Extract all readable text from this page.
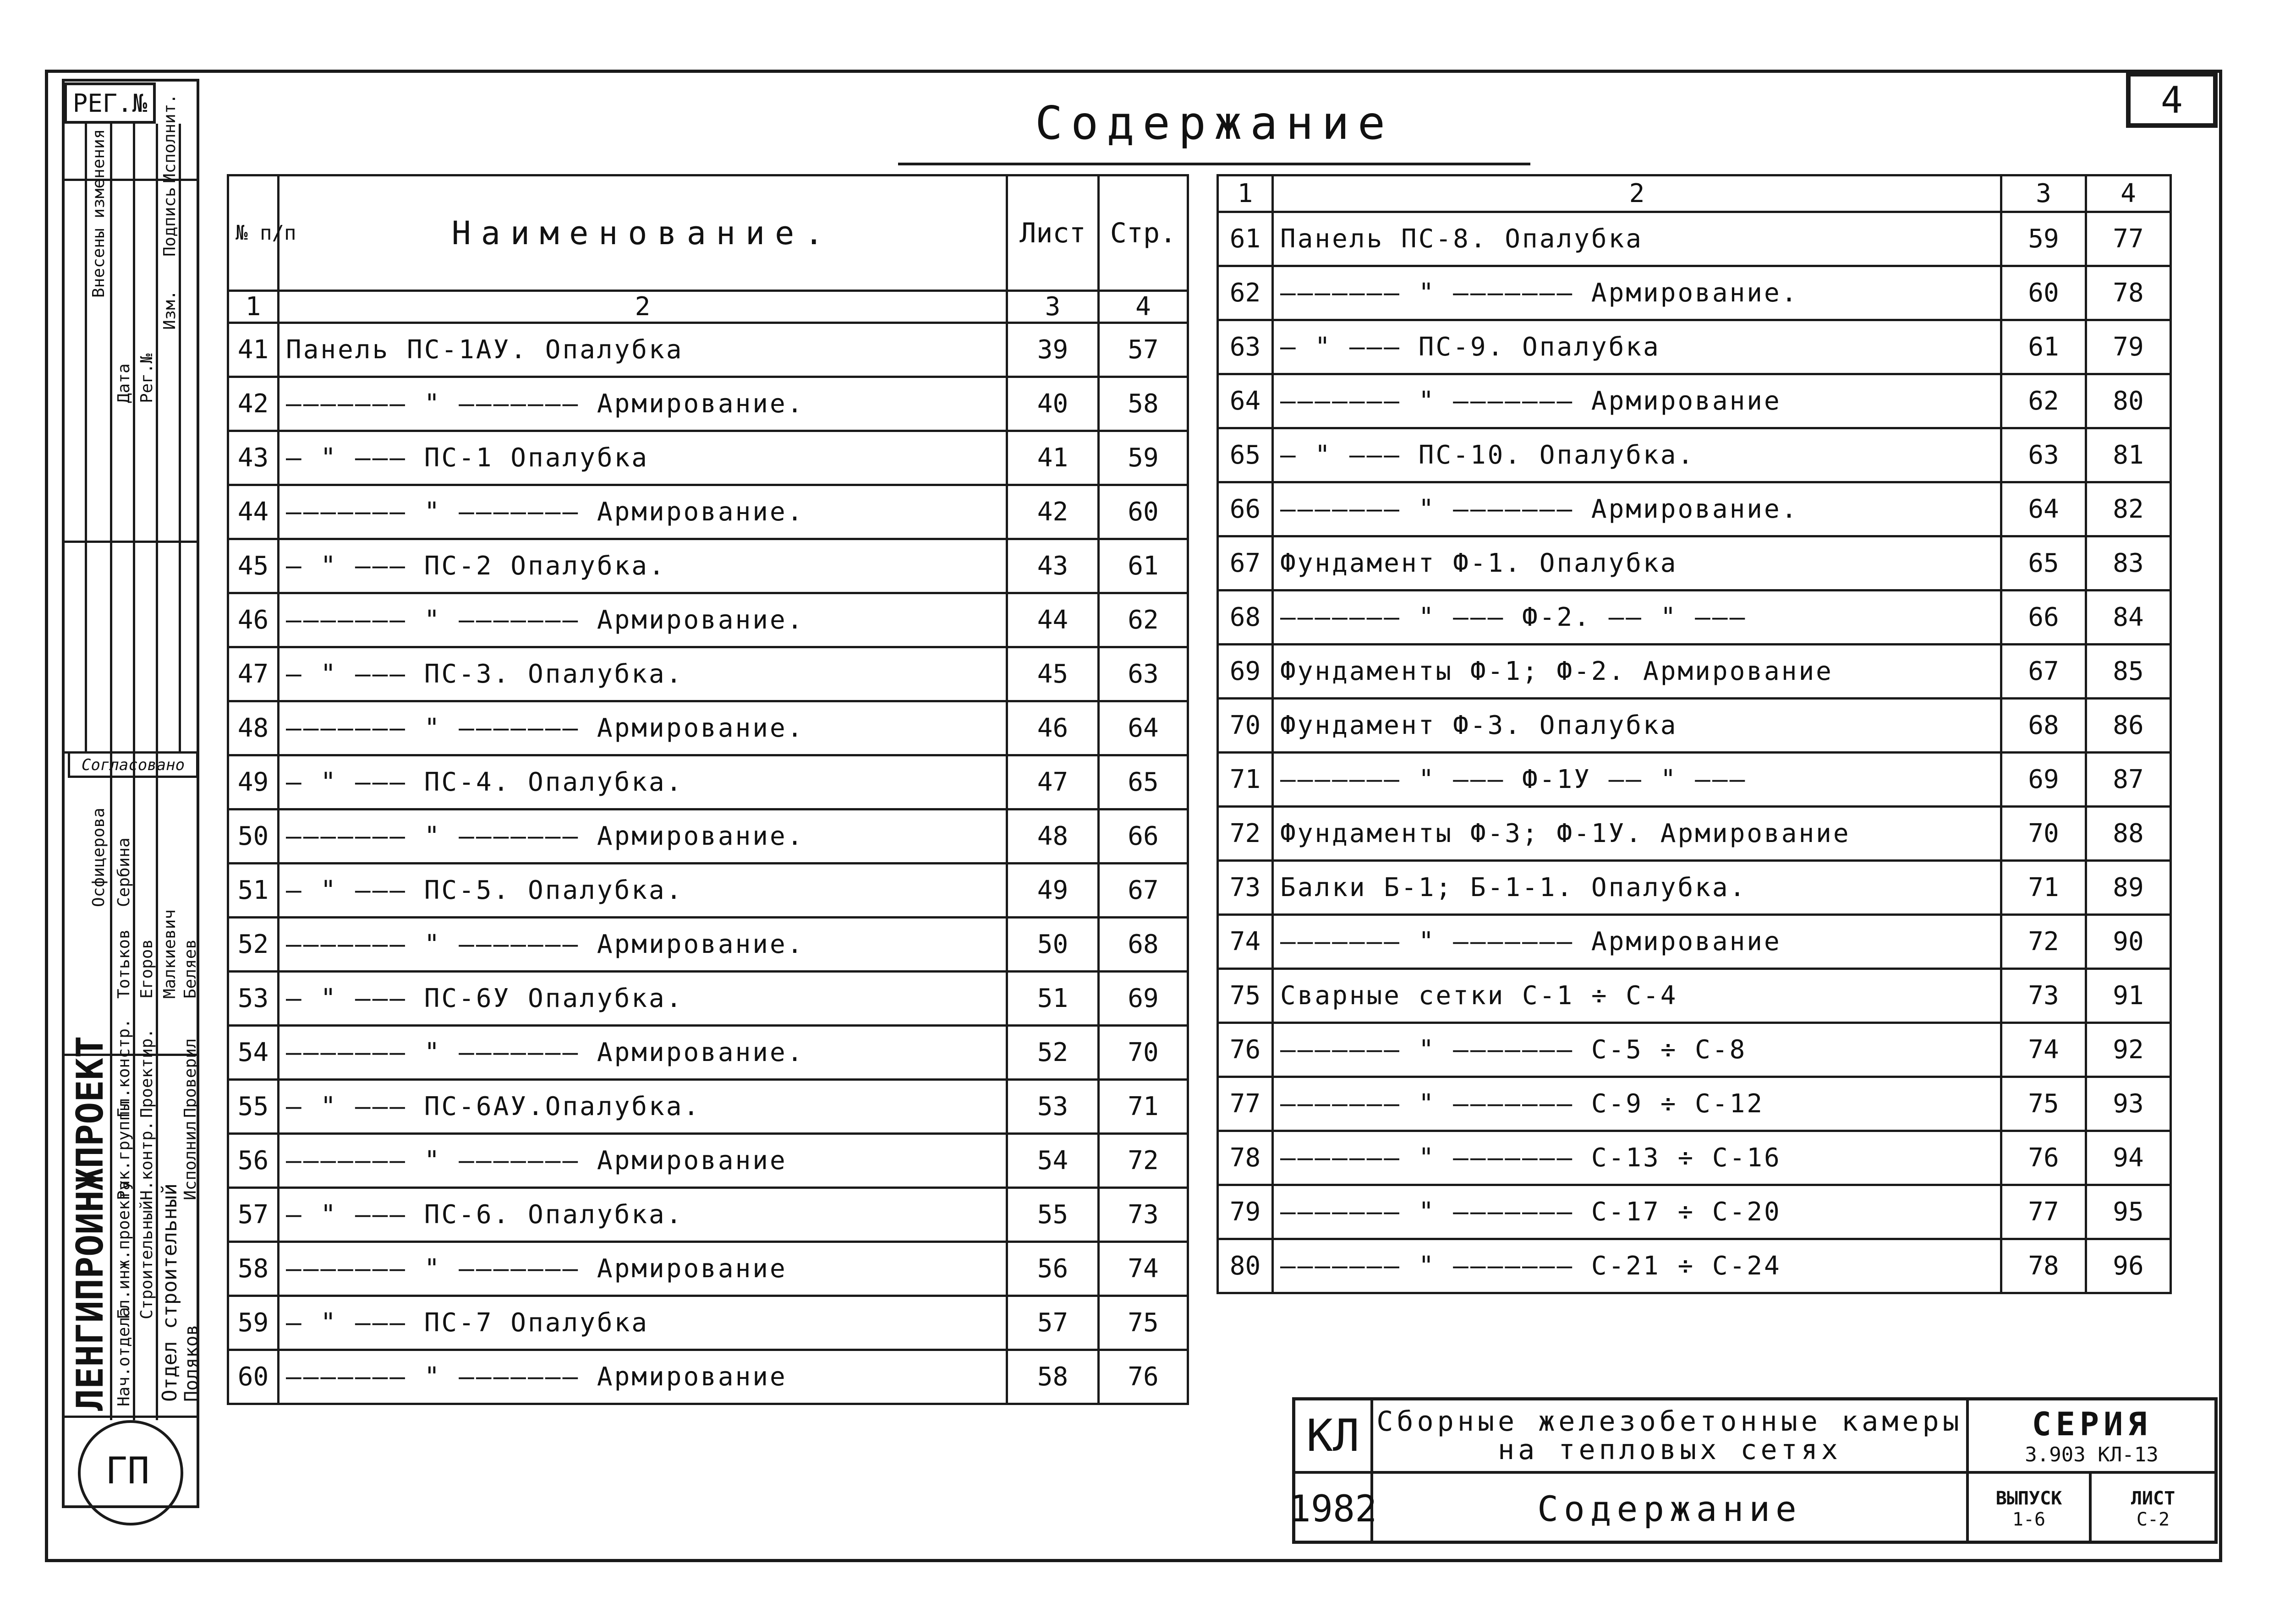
РЕГ.№
Внесены изменения
Дата Рег.№
Изм.
Подпись
Исполнит.
Согласовано
ЛЕНГИПРОИНЖПРОЕКТ Отдел строительный
Нач.отдела
Гл.инж.проекта
Рук.группы
Гл.констр.
Н.контр.
Проектир.
Исполнил
Проверил
Поляков
Строительный
Егоров
Тотьков Малкиевич Беляев
Сербина
Осфицерова
ГП
4
Содержание
№ п/п	Наименование.	Лист	Стр.
1	2	3	4
41	Панель ПС-1АУ. Опалубка	39	57
42	——————— " ——————— Армирование.	40	58
43	— " ——— ПС-1 Опалубка	41	59
44	——————— " ——————— Армирование.	42	60
45	— " ——— ПС-2 Опалубка.	43	61
46	——————— " ——————— Армирование.	44	62
47	— " ——— ПС-3. Опалубка.	45	63
48	——————— " ——————— Армирование.	46	64
49	— " ——— ПС-4. Опалубка.	47	65
50	——————— " ——————— Армирование.	48	66
51	— " ——— ПС-5. Опалубка.	49	67
52	——————— " ——————— Армирование.	50	68
53	— " ——— ПС-6У Опалубка.	51	69
54	——————— " ——————— Армирование.	52	70
55	— " ——— ПС-6АУ.Опалубка.	53	71
56	——————— " ——————— Армирование	54	72
57	— " ——— ПС-6. Опалубка.	55	73
58	——————— " ——————— Армирование	56	74
59	— " ——— ПС-7 Опалубка	57	75
60	——————— " ——————— Армирование	58	76
1	2	3	4
61	Панель ПС-8. Опалубка	59	77
62	——————— " ——————— Армирование.	60	78
63	— " ——— ПС-9. Опалубка	61	79
64	——————— " ——————— Армирование	62	80
65	— " ——— ПС-10. Опалубка.	63	81
66	——————— " ——————— Армирование.	64	82
67	Фундамент Ф-1. Опалубка	65	83
68	——————— " ——— Ф-2. —— " ———	66	84
69	Фундаменты Ф-1; Ф-2. Армирование	67	85
70	Фундамент Ф-3. Опалубка	68	86
71	——————— " ——— Ф-1У —— " ———	69	87
72	Фундаменты Ф-3; Ф-1У. Армирование	70	88
73	Балки Б-1; Б-1-1. Опалубка.	71	89
74	——————— " ——————— Армирование	72	90
75	Сварные сетки С-1 ÷ С-4	73	91
76	——————— " ——————— С-5 ÷ С-8	74	92
77	——————— " ——————— С-9 ÷ С-12	75	93
78	——————— " ——————— С-13 ÷ С-16	76	94
79	——————— " ——————— С-17 ÷ С-20	77	95
80	——————— " ——————— С-21 ÷ С-24	78	96
КЛ
1982
Сборные железобетонные камеры
на тепловых сетях
Содержание
СЕРИЯ
3.903 КЛ-13
ВЫПУСК
1-6
ЛИСТ
С-2
